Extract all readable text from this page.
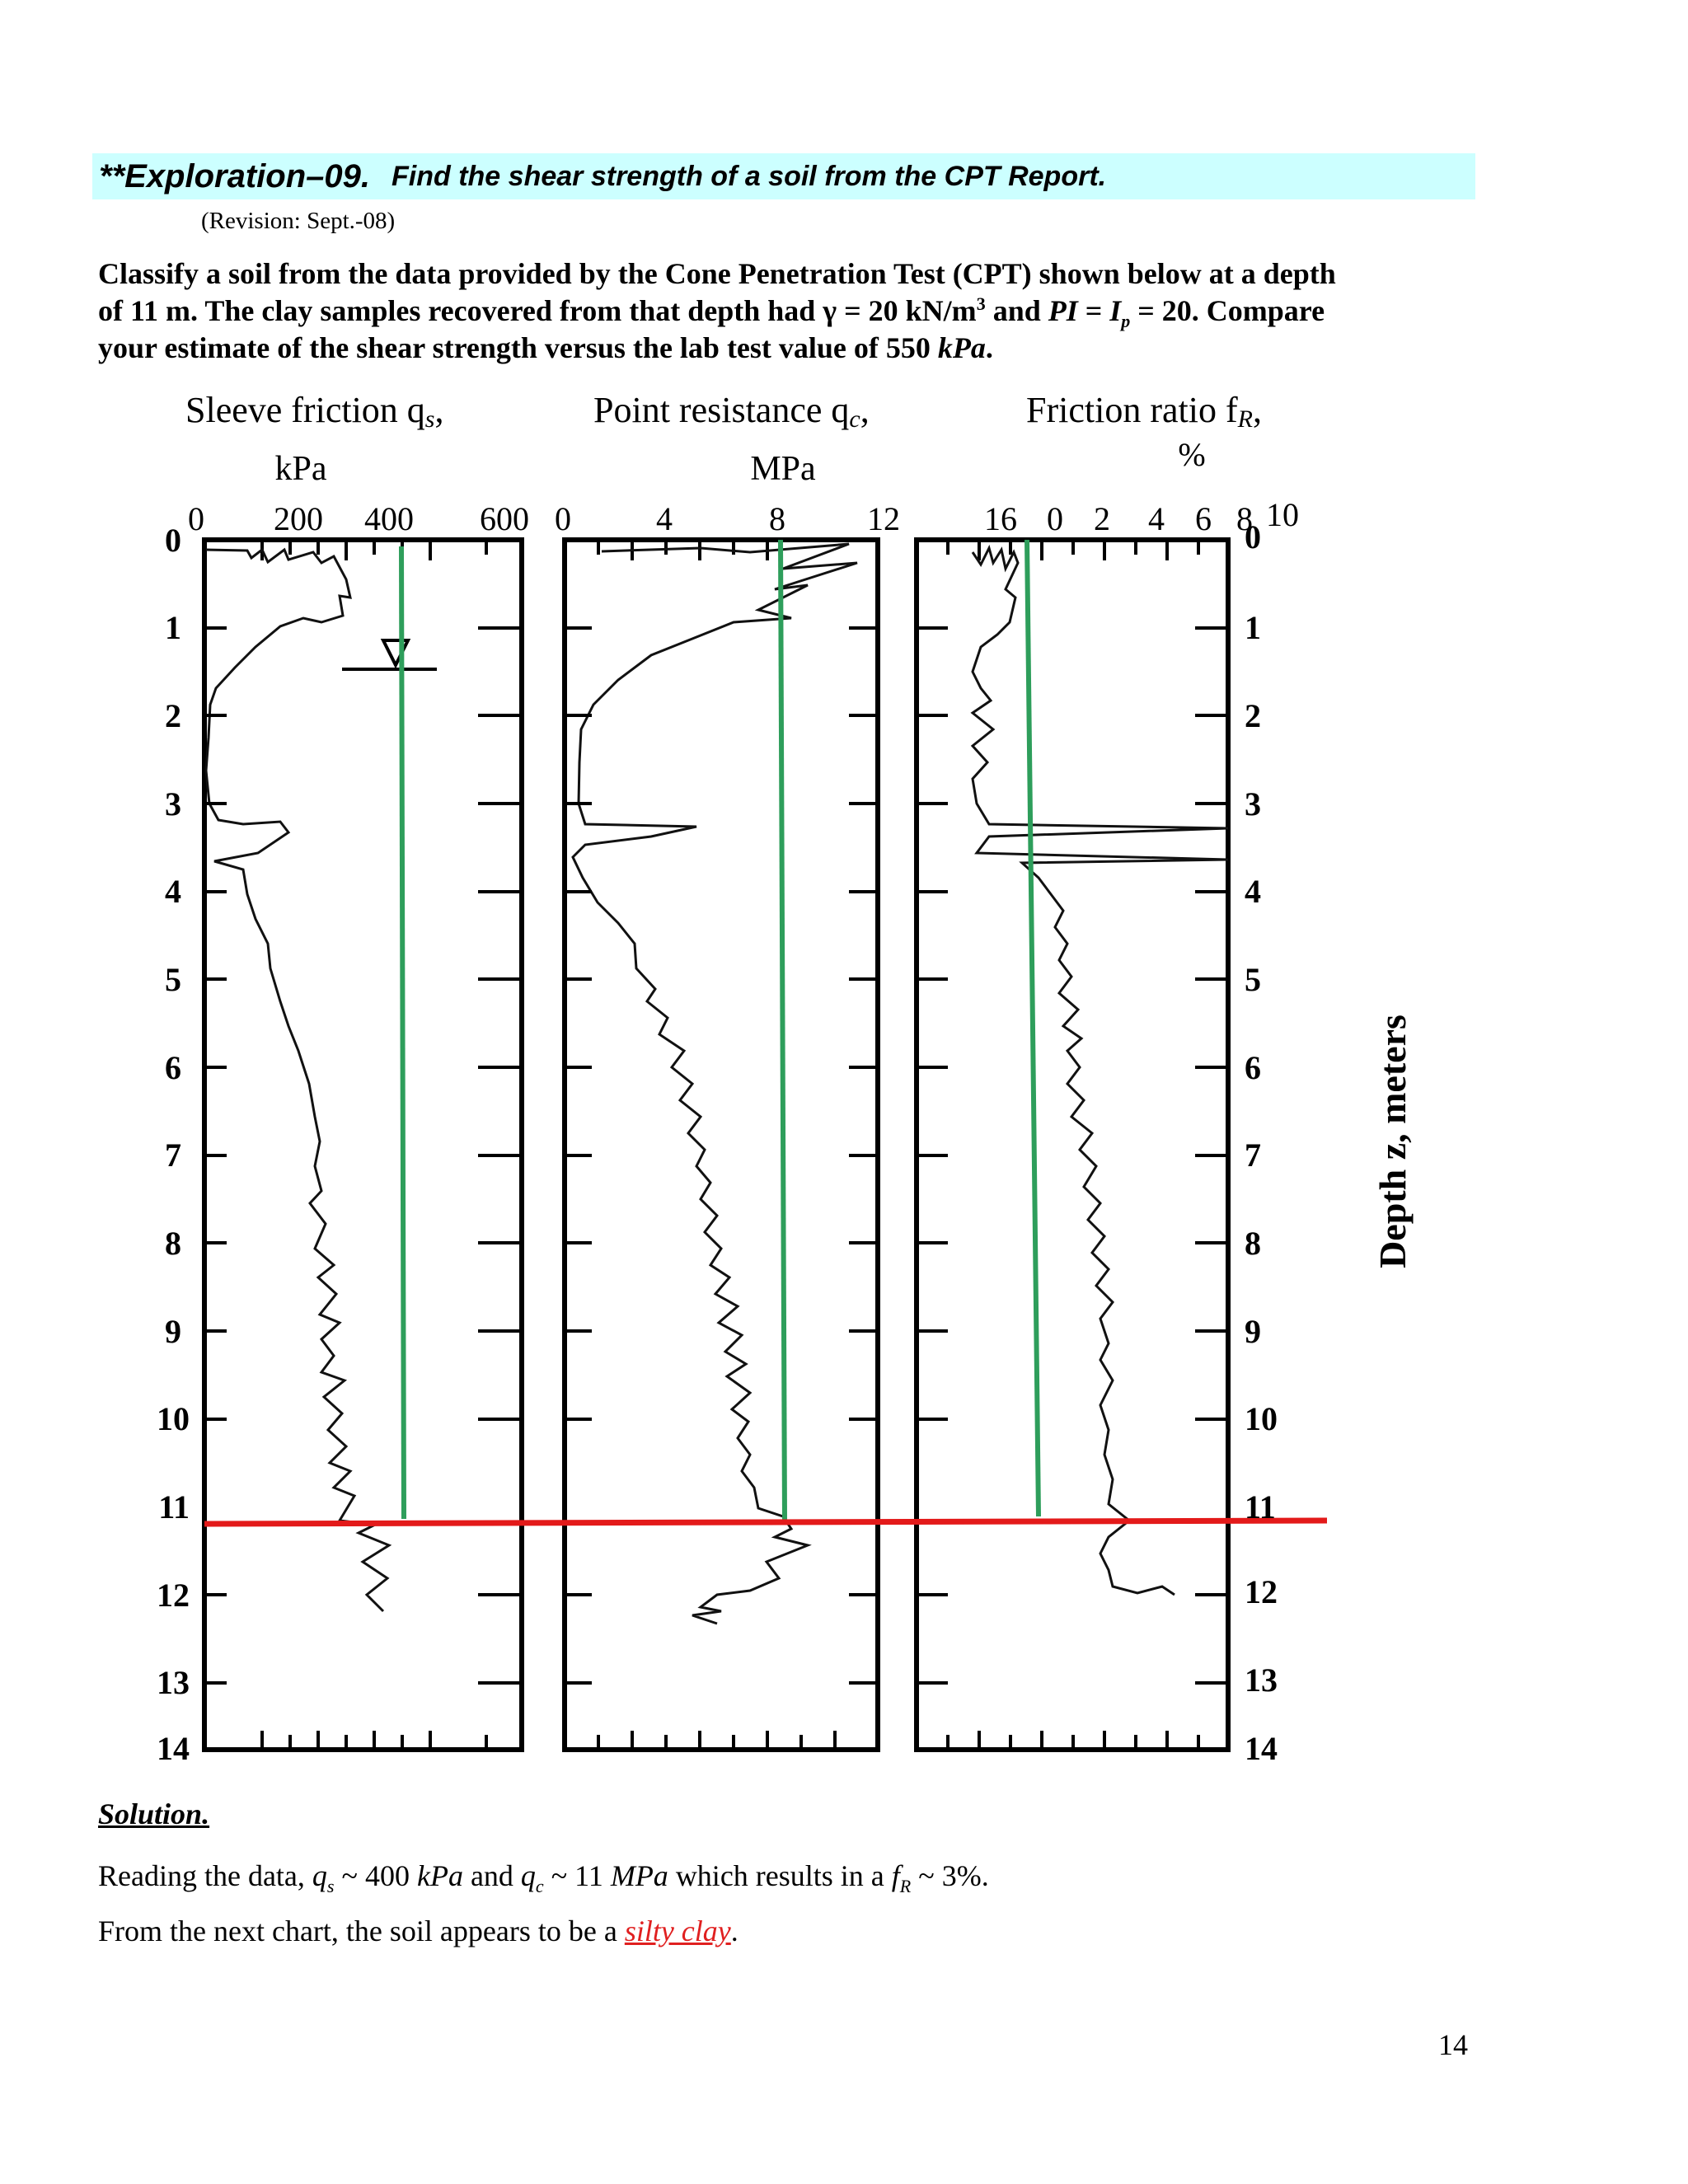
**Exploration–09. Find the shear strength of a soil from the CPT Report.
(Revision: Sept.-08)
Classify a soil from the data provided by the Cone Penetration Test (CPT) shown below at a depth
of 11 m. The clay samples recovered from that depth had γ = 20 $kN/m^3$ and PI = $I_p = 20$. Compare
your estimate of the shear strength versus the lab test value of 550 kPa.
Sleeve friction qs,
kPa
Point resistance qc,
MPa
Friction ratio fR,
%
0 200 400 600 0	4	8 12	16 0 2 4 6 8 10
0
1
2
3
4
5
6
7
8
9
10
11
12
13
14
0
1
2
3
4
5
6
7
8
9
10
11
12
13
14
Depth z, meters
Solution.
Reading the data, $q_s$ ~ 400 kPa and $q_c$ ~ 11 MPa which results in a $f_R$ ~ 3%.
From the next chart, the soil appears to be a silty clay.
14
